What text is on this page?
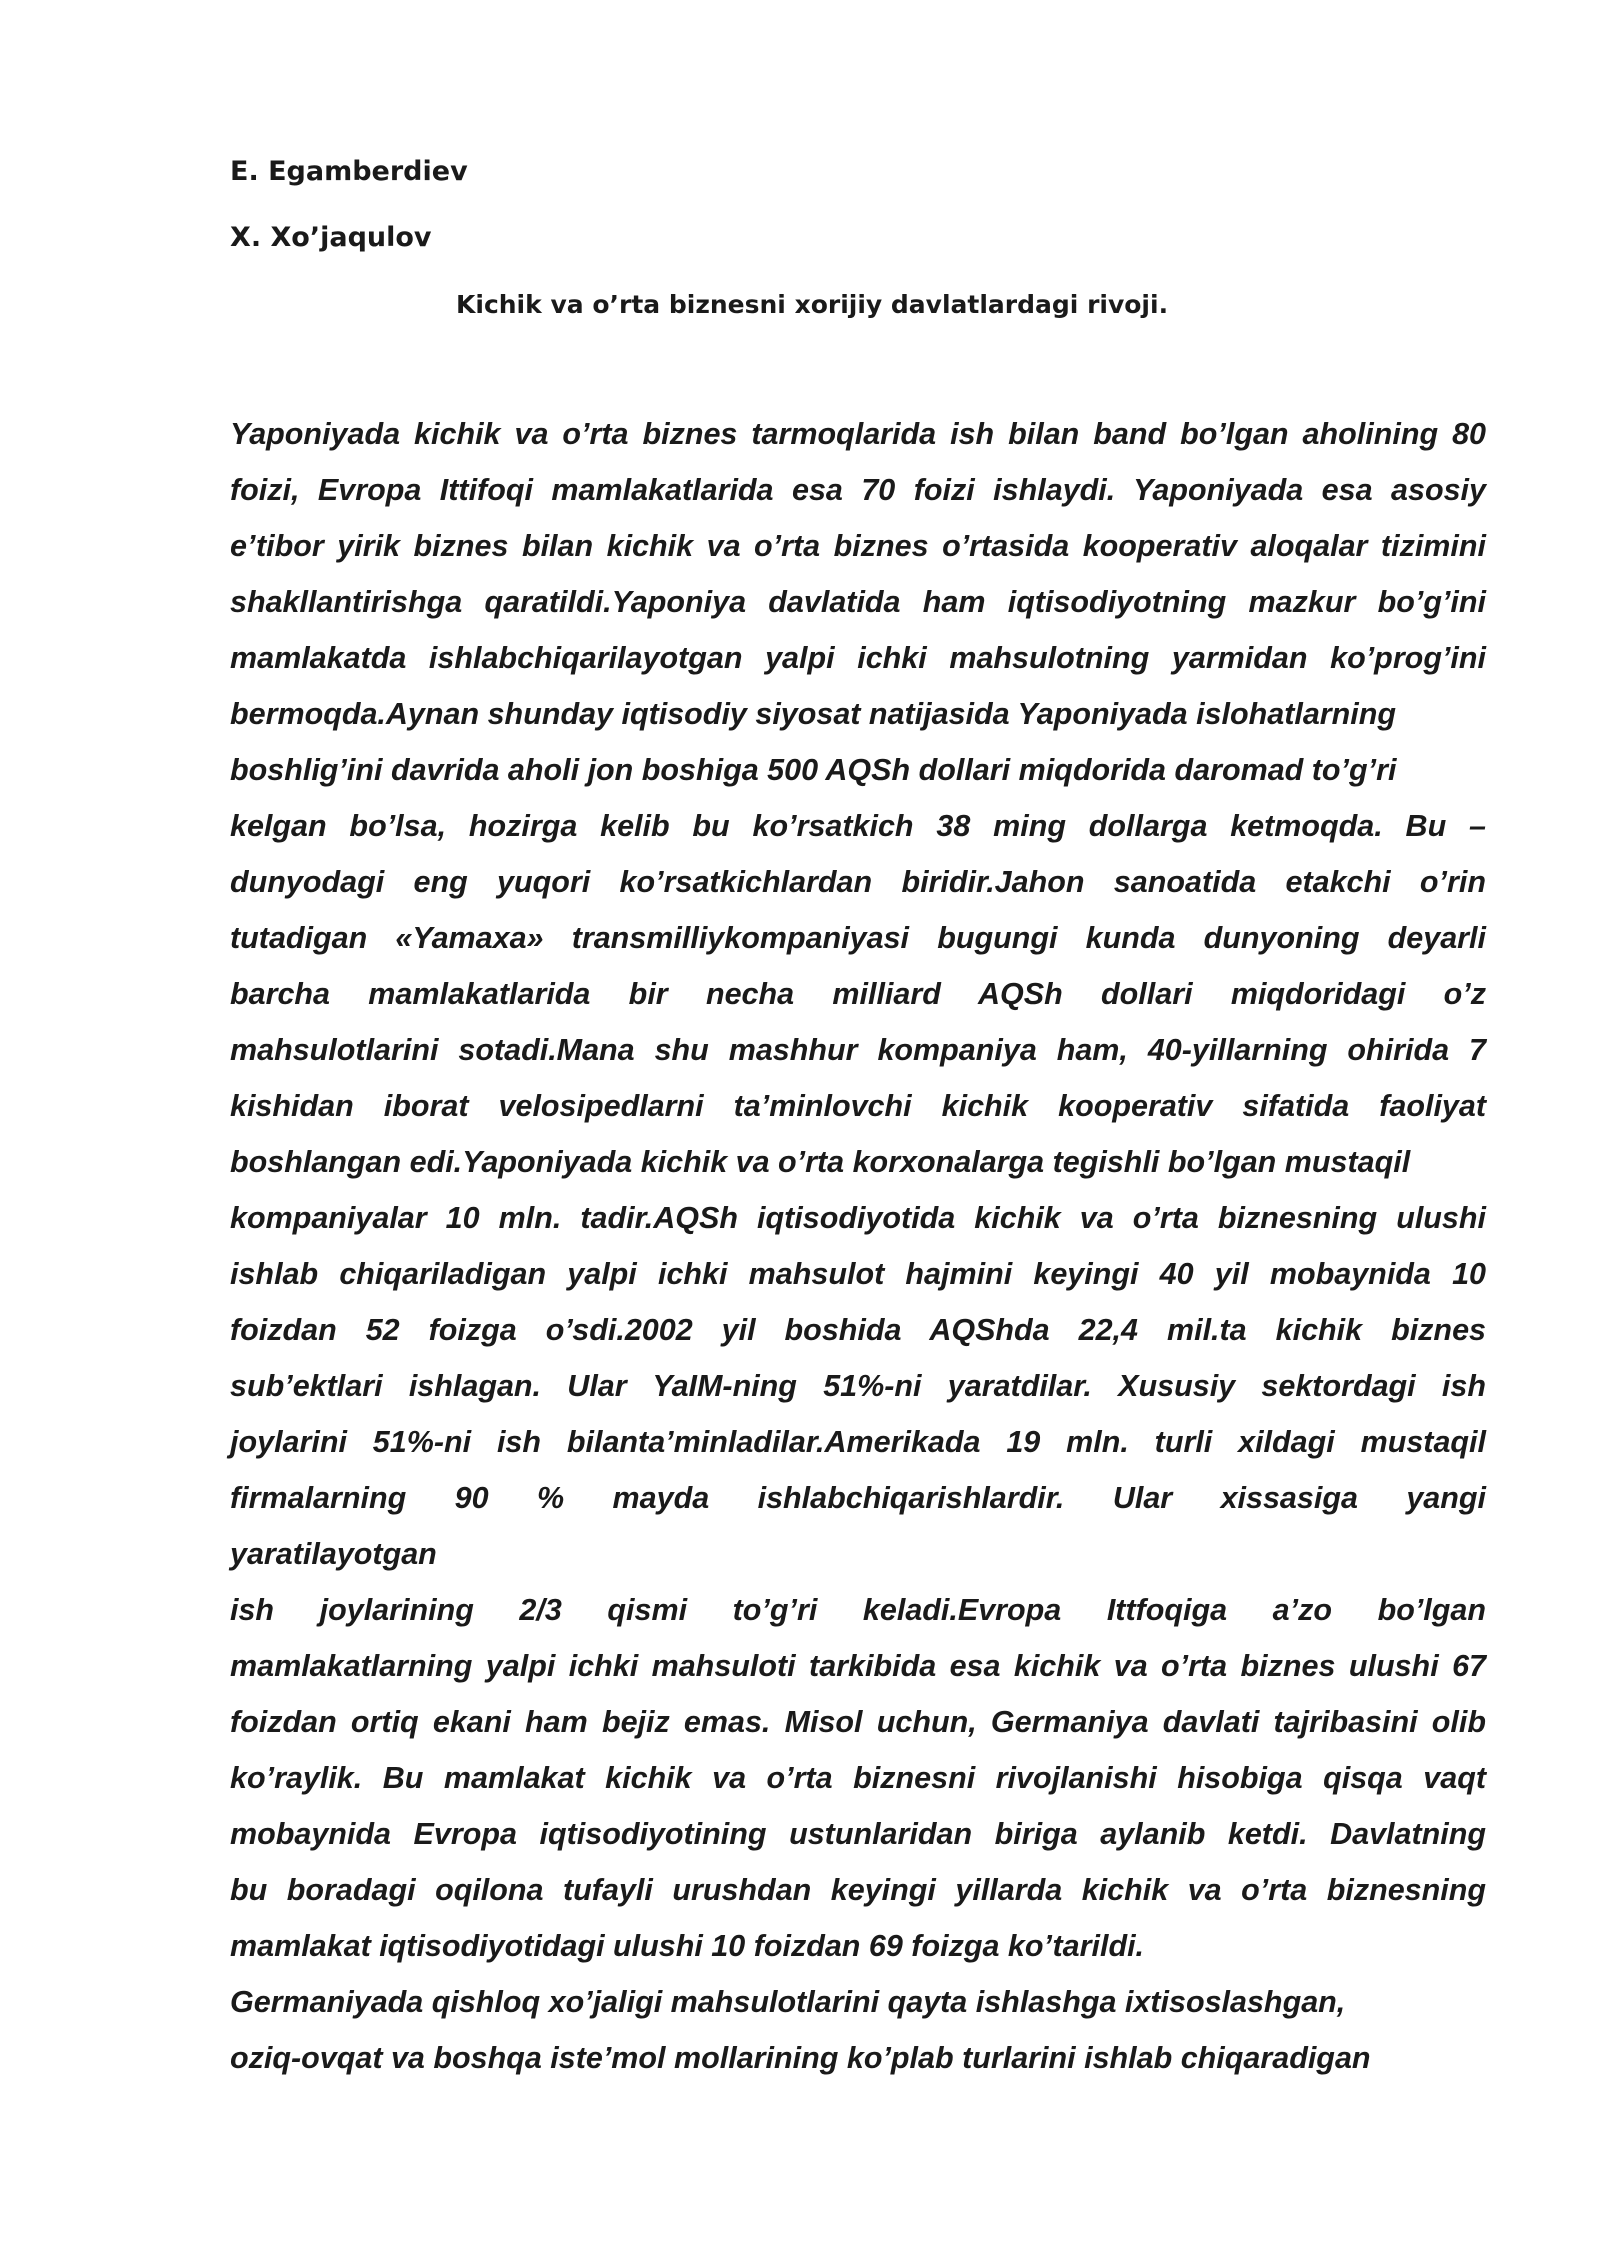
E. Egamberdiev

X. Xo’jaqulov

Kichik va o’rta biznesni xorijiy davlatlardagi rivoji.

Yaponiyada kichik va o’rta biznes tarmoqlarida ish bilan band bo’lgan aholining 80
foizi, Evropa Ittifoqi mamlakatlarida esa 70 foizi ishlaydi. Yaponiyada esa asosiy
e’tibor yirik biznes bilan kichik va o’rta biznes o’rtasida kooperativ aloqalar tizimini
shakllantirishga qaratildi.Yaponiya davlatida ham iqtisodiyotning mazkur bo’g’ini
mamlakatda ishlabchiqarilayotgan yalpi ichki mahsulotning yarmidan ko’prog’ini
bermoqda.Aynan shunday iqtisodiy siyosat natijasida Yaponiyada islohatlarning
boshlig’ini davrida aholi jon boshiga 500 AQSh dollari miqdorida daromad to’g’ri
kelgan bo’lsa, hozirga kelib bu ko’rsatkich 38 ming dollarga ketmoqda. Bu –
dunyodagi eng yuqori ko’rsatkichlardan biridir.Jahon sanoatida etakchi o’rin
tutadigan «Yamaxa» transmilliykompaniyasi bugungi kunda dunyoning deyarli
barcha mamlakatlarida bir necha milliard AQSh dollari miqdoridagi o’z
mahsulotlarini sotadi.Mana shu mashhur kompaniya ham, 40-yillarning ohirida 7
kishidan iborat velosipedlarni ta’minlovchi kichik kooperativ sifatida faoliyat
boshlangan edi.Yaponiyada kichik va o’rta korxonalarga tegishli bo’lgan mustaqil
kompaniyalar 10 mln. tadir.AQSh iqtisodiyotida kichik va o’rta biznesning ulushi
ishlab chiqariladigan yalpi ichki mahsulot hajmini keyingi 40 yil mobaynida 10
foizdan 52 foizga o’sdi.2002 yil boshida AQShda 22,4 mil.ta kichik biznes
sub’ektlari ishlagan. Ular YaIM-ning 51%-ni yaratdilar. Xususiy sektordagi ish
joylarini 51%-ni ish bilanta’minladilar.Amerikada 19 mln. turli xildagi mustaqil
firmalarning 90 % mayda ishlabchiqarishlardir. Ular xissasiga yangi
yaratilayotgan
ish joylarining 2/3 qismi to’g’ri keladi.Evropa Ittfoqiga a’zo bo’lgan
mamlakatlarning yalpi ichki mahsuloti tarkibida esa kichik va o’rta biznes ulushi 67
foizdan ortiq ekani ham bejiz emas. Misol uchun, Germaniya davlati tajribasini olib
ko’raylik. Bu mamlakat kichik va o’rta biznesni rivojlanishi hisobiga qisqa vaqt
mobaynida Evropa iqtisodiyotining ustunlaridan biriga aylanib ketdi. Davlatning
bu boradagi oqilona tufayli urushdan keyingi yillarda kichik va o’rta biznesning
mamlakat iqtisodiyotidagi ulushi 10 foizdan 69 foizga ko’tarildi.
Germaniyada qishloq xo’jaligi mahsulotlarini qayta ishlashga ixtisoslashgan,
oziq-ovqat va boshqa iste’mol mollarining ko’plab turlarini ishlab chiqaradigan
